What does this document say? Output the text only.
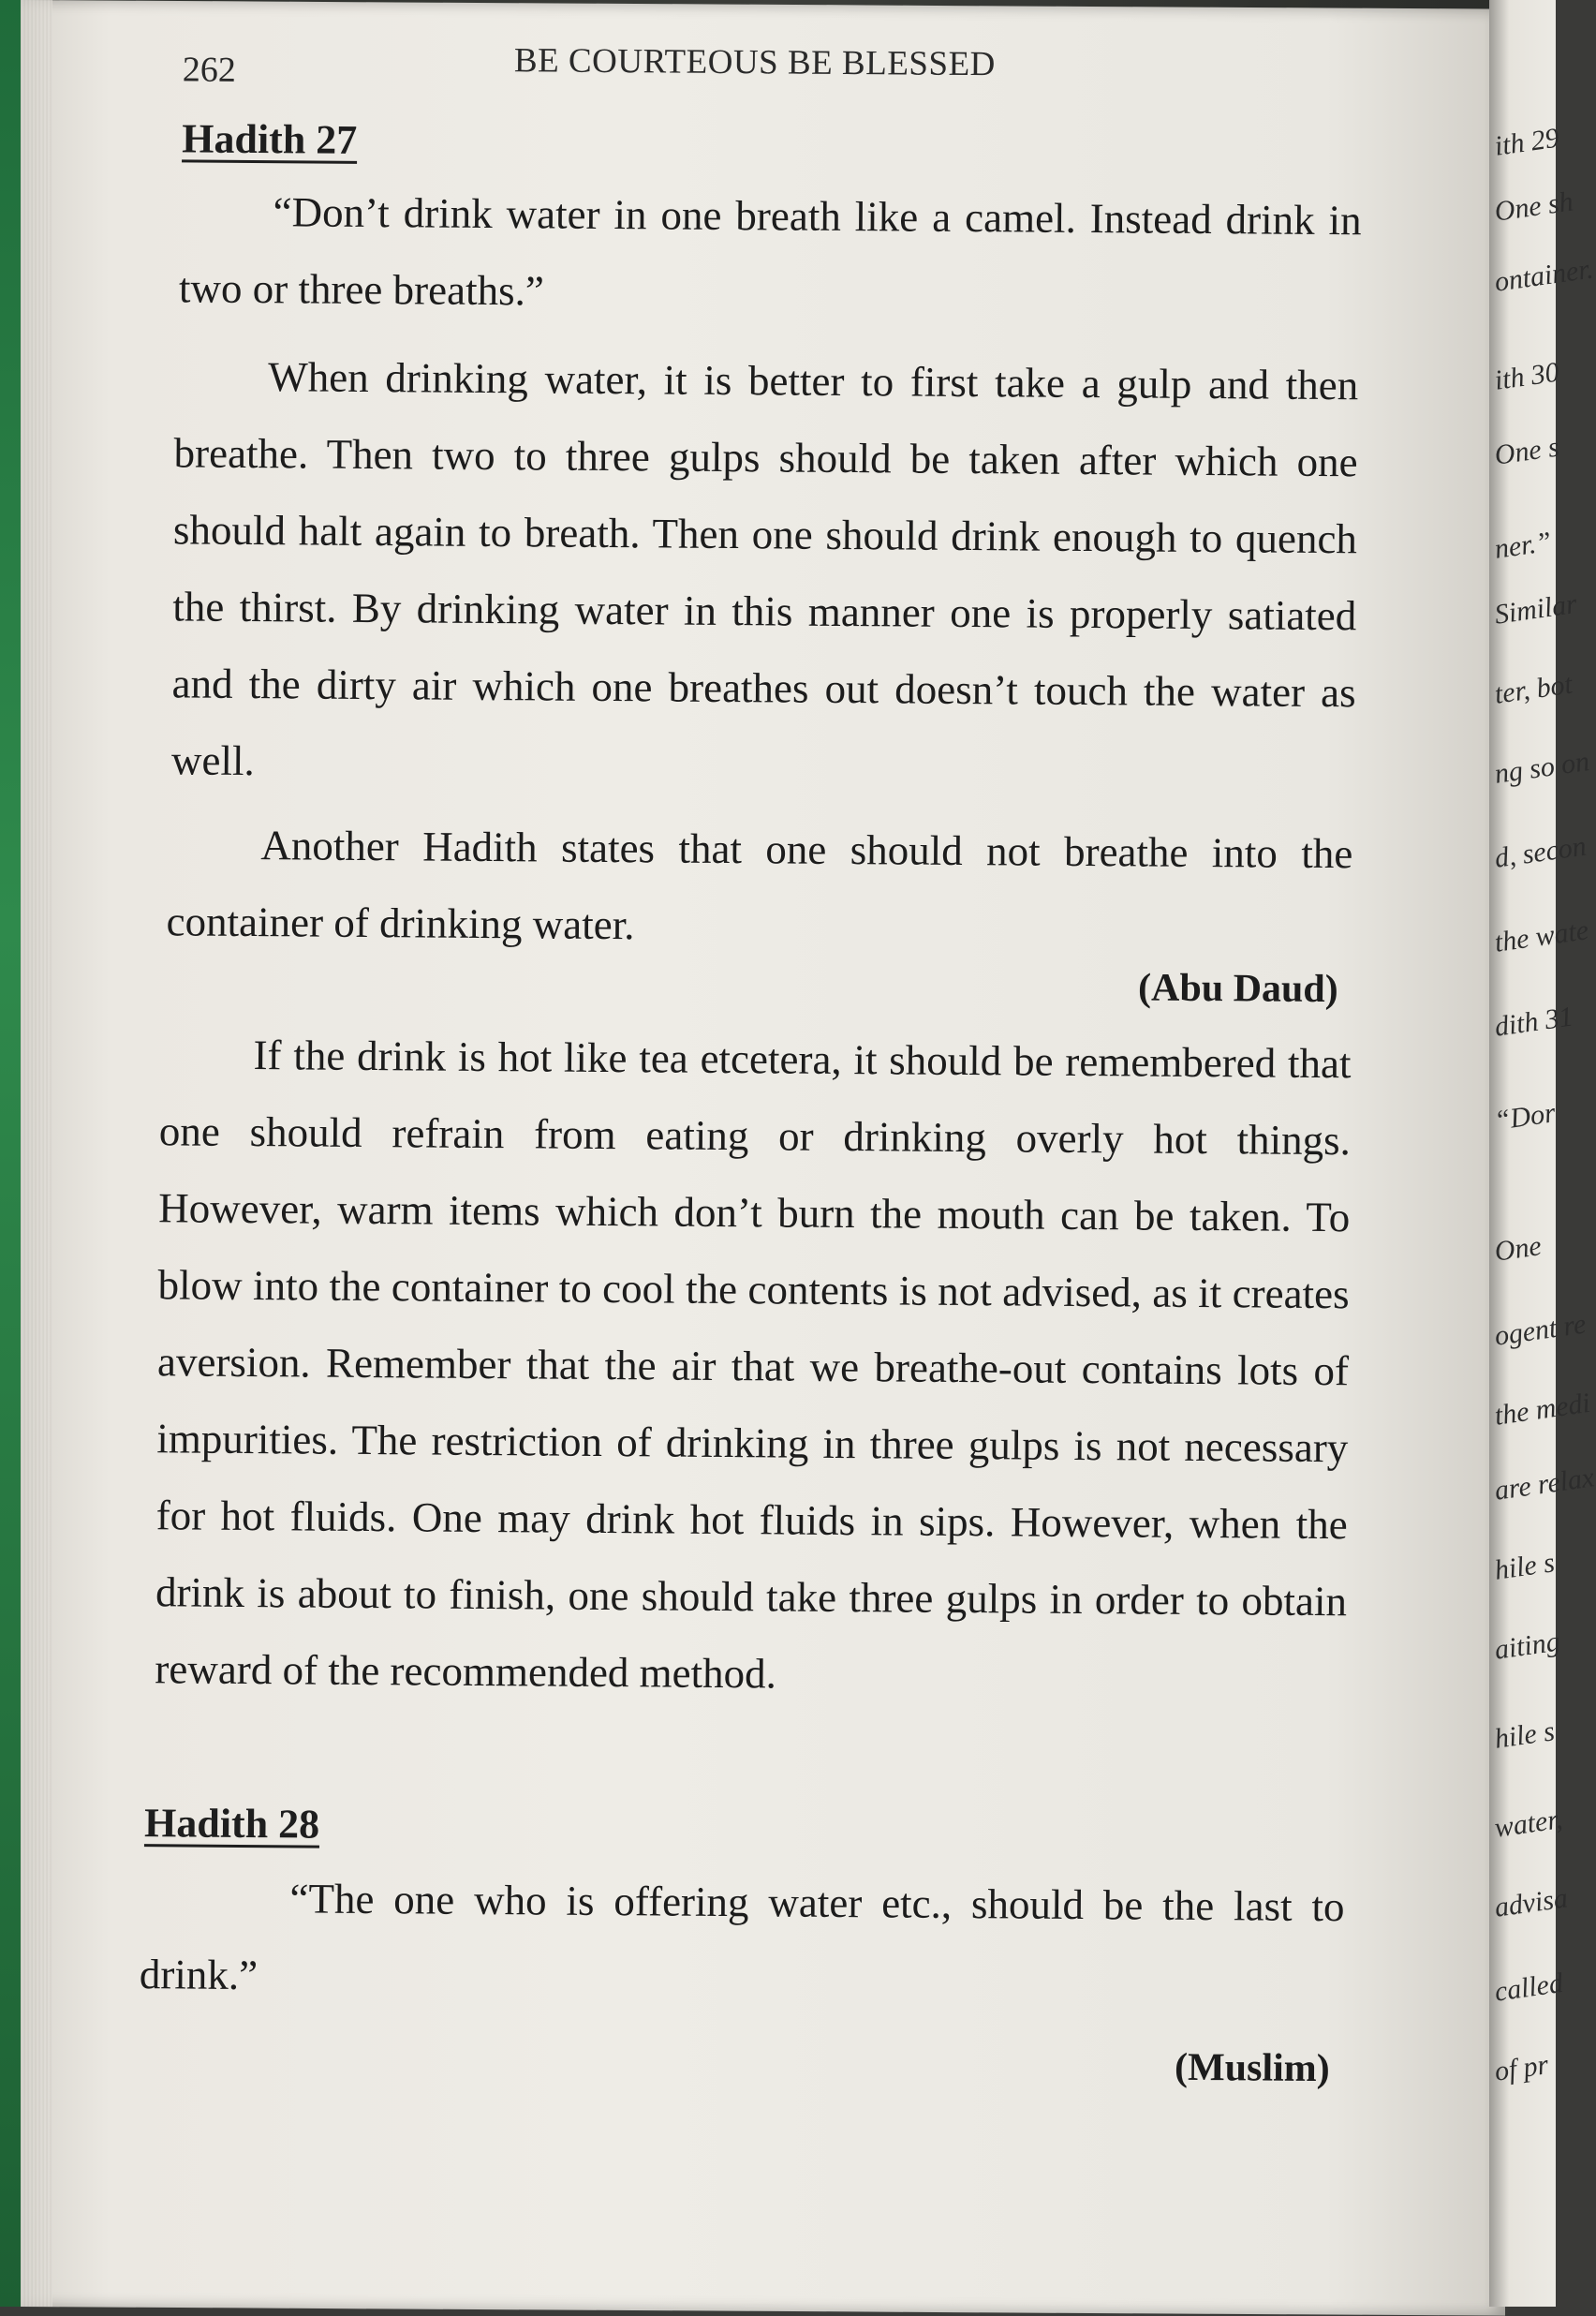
ith 29
One sh
ontainer.
ith 30
One s
ner.”
Similar
ter, bot
ng so on
d, secon
the wate
dith 31
“Dor
One
ogent re
the medi
are relax
hile s
aiting
hile s
water,
advisa
called
of pr
262	BE COURTEOUS BE BLESSED
Hadith 27
“Don’t drink water in one breath like a camel. Instead drink in two or three breaths.”
When drinking water, it is better to first take a gulp and then breathe. Then two to three gulps should be taken after which one should halt again to breath. Then one should drink enough to quench the thirst. By drinking water in this manner one is properly satiated and the dirty air which one breathes out doesn’t touch the water as well.
Another Hadith states that one should not breathe into the container of drinking water.
(Abu Daud)
If the drink is hot like tea etcetera, it should be remembered that one should refrain from eating or drinking overly hot things. However, warm items which don’t burn the mouth can be taken. To blow into the container to cool the contents is not advised, as it creates aversion. Remember that the air that we breathe-out contains lots of impurities. The restriction of drinking in three gulps is not necessary for hot fluids. One may drink hot fluids in sips. However, when the drink is about to finish, one should take three gulps in order to obtain reward of the recommended method.
Hadith 28
“The one who is offering water etc., should be the last to drink.”
(Muslim)
